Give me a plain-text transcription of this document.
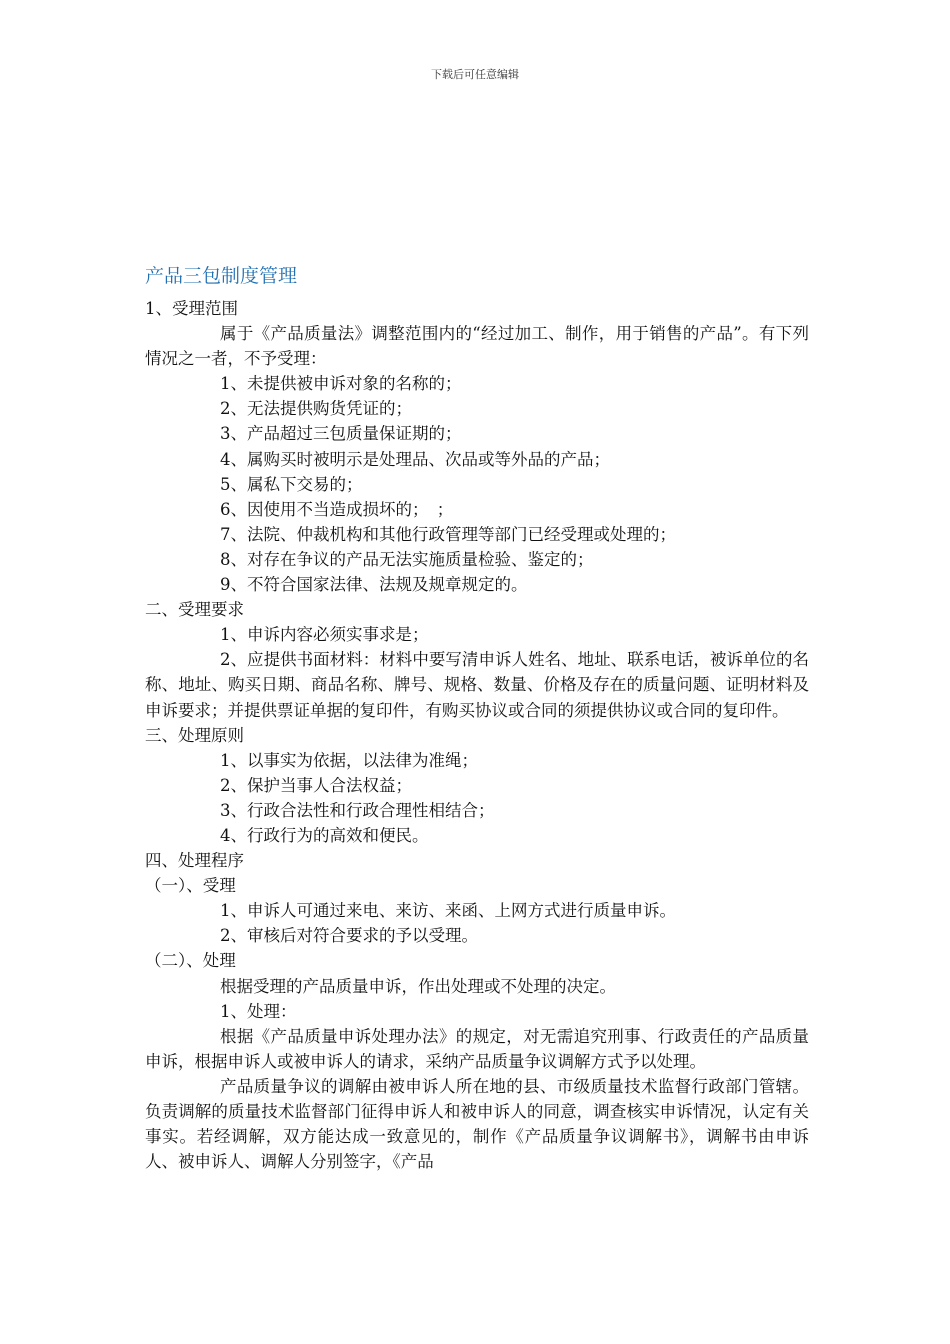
下载后可任意编辑
产品三包制度管理

1、受理范围

属于《产品质量法》调整范围内的“经过加工、制作，用于销售的产品”。有下列情况之一者，不予受理：

1、未提供被申诉对象的名称的；

2、无法提供购货凭证的；

3、产品超过三包质量保证期的；

4、属购买时被明示是处理品、次品或等外品的产品；

5、属私下交易的；

6、因使用不当造成损坏的；　；

7、法院、仲裁机构和其他行政管理等部门已经受理或处理的；

8、对存在争议的产品无法实施质量检验、鉴定的；

9、不符合国家法律、法规及规章规定的。

二、受理要求

1、申诉内容必须实事求是；

2、应提供书面材料：材料中要写清申诉人姓名、地址、联系电话，被诉单位的名称、地址、购买日期、商品名称、牌号、规格、数量、价格及存在的质量问题、证明材料及申诉要求；并提供票证单据的复印件，有购买协议或合同的须提供协议或合同的复印件。

三、处理原则

1、以事实为依据，以法律为准绳；

2、保护当事人合法权益；

3、行政合法性和行政合理性相结合；

4、行政行为的高效和便民。

四、处理程序

（一）、受理

1、申诉人可通过来电、来访、来函、上网方式进行质量申诉。

2、审核后对符合要求的予以受理。

（二）、处理

根据受理的产品质量申诉，作出处理或不处理的决定。

1、处理：

根据《产品质量申诉处理办法》的规定，对无需追究刑事、行政责任的产品质量申诉，根据申诉人或被申诉人的请求，采纳产品质量争议调解方式予以处理。

产品质量争议的调解由被申诉人所在地的县、市级质量技术监督行政部门管辖。负责调解的质量技术监督部门征得申诉人和被申诉人的同意，调查核实申诉情况，认定有关事实。若经调解，双方能达成一致意见的，制作《产品质量争议调解书》，调解书由申诉人、被申诉人、调解人分别签字，《产品
